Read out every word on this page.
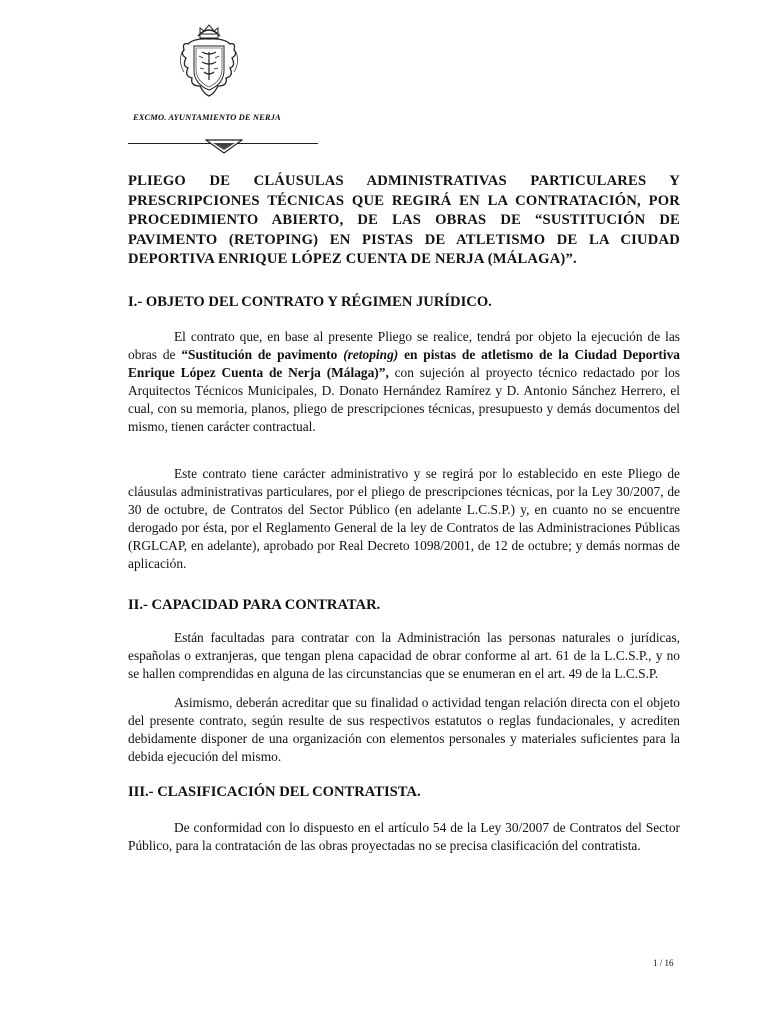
EXCMO. AYUNTAMIENTO DE NERJA
PLIEGO DE CLÁUSULAS ADMINISTRATIVAS PARTICULARES Y PRESCRIPCIONES TÉCNICAS QUE REGIRÁ EN LA CONTRATACIÓN, POR PROCEDIMIENTO ABIERTO, DE LAS OBRAS DE “SUSTITUCIÓN DE PAVIMENTO (RETOPING) EN PISTAS DE ATLETISMO DE LA CIUDAD DEPORTIVA ENRIQUE LÓPEZ CUENTA DE NERJA (MÁLAGA)”.
I.- OBJETO DEL CONTRATO Y RÉGIMEN JURÍDICO.
El contrato que, en base al presente Pliego se realice, tendrá por objeto la ejecución de las obras de “Sustitución de pavimento (retoping) en pistas de atletismo de la Ciudad Deportiva Enrique López Cuenta de Nerja (Málaga)”, con sujeción al proyecto técnico redactado por los Arquitectos Técnicos Municipales, D. Donato Hernández Ramírez y D. Antonio Sánchez Herrero, el cual, con su memoria, planos, pliego de prescripciones técnicas, presupuesto y demás documentos del mismo, tienen carácter contractual.
Este contrato tiene carácter administrativo y se regirá por lo establecido en este Pliego de cláusulas administrativas particulares, por el pliego de prescripciones técnicas, por la Ley 30/2007, de 30 de octubre, de Contratos del Sector Público (en adelante L.C.S.P.) y, en cuanto no se encuentre derogado por ésta, por el Reglamento General de la ley de Contratos de las Administraciones Públicas (RGLCAP, en adelante), aprobado por Real Decreto 1098/2001, de 12 de octubre; y demás normas de aplicación.
II.- CAPACIDAD PARA CONTRATAR.
Están facultadas para contratar con la Administración las personas naturales o jurídicas, españolas o extranjeras, que tengan plena capacidad de obrar conforme al art. 61 de la L.C.S.P., y no se hallen comprendidas en alguna de las circunstancias que se enumeran en el art. 49 de la L.C.S.P.
Asimismo, deberán acreditar que su finalidad o actividad tengan relación directa con el objeto del presente contrato, según resulte de sus respectivos estatutos o reglas fundacionales, y acrediten debidamente disponer de una organización con elementos personales y materiales suficientes para la debida ejecución del mismo.
III.- CLASIFICACIÓN DEL CONTRATISTA.
De conformidad con lo dispuesto en el artículo 54 de la Ley 30/2007 de Contratos del Sector Público, para la contratación de las obras proyectadas no se precisa clasificación del contratista.
1 / 16
